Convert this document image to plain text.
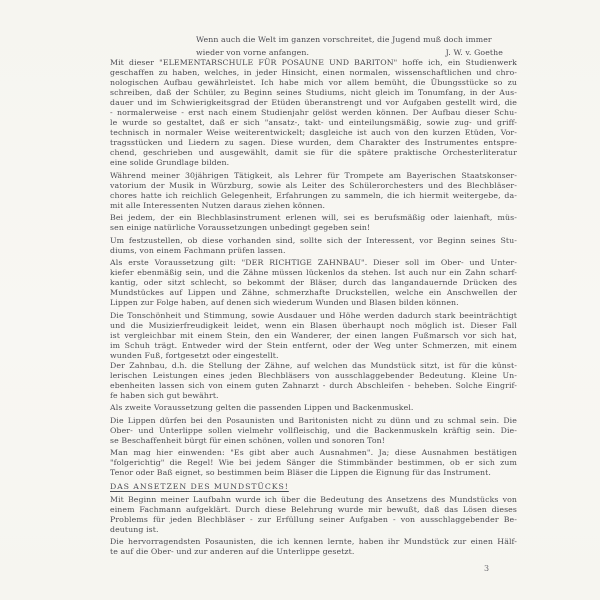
Wenn auch die Welt im ganzen vorschreitet, die Jugend muß doch immer
wieder von vorne anfangen.	J. W. v. Goethe
Mit dieser "ELEMENTARSCHULE FÜR POSAUNE UND BARITON" hoffe ich, ein Studienwerk
geschaffen zu haben, welches, in jeder Hinsicht, einen normalen, wissenschaftlichen und chro-
nologischen Aufbau gewährleistet. Ich habe mich vor allem bemüht, die Übungsstücke so zu
schreiben, daß der Schüler, zu Beginn seines Studiums, nicht gleich im Tonumfang, in der Aus-
dauer und im Schwierigkeitsgrad der Etüden überanstrengt und vor Aufgaben gestellt wird, die
- normalerweise - erst nach einem Studienjahr gelöst werden können. Der Aufbau dieser Schu-
le wurde so gestaltet, daß er sich "ansatz-, takt- und einteilungsmäßig, sowie zug- und griff-
technisch in normaler Weise weiterentwickelt; dasgleiche ist auch von den kurzen Etüden, Vor-
tragsstücken und Liedern zu sagen. Diese wurden, dem Charakter des Instrumentes entspre-
chend, geschrieben und ausgewählt, damit sie für die spätere praktische Orchesterliteratur
eine solide Grundlage bilden.
Während meiner 30jährigen Tätigkeit, als Lehrer für Trompete am Bayerischen Staatskonser-
vatorium der Musik in Würzburg, sowie als Leiter des Schülerorchesters und des Blechbläser-
chores hatte ich reichlich Gelegenheit, Erfahrungen zu sammeln, die ich hiermit weitergebe, da-
mit alle Interessenten Nutzen daraus ziehen können.
Bei jedem, der ein Blechblasinstrument erlenen will, sei es berufsmäßig oder laienhaft, müs-
sen einige natürliche Voraussetzungen unbedingt gegeben sein!
Um festzustellen, ob diese vorhanden sind, sollte sich der Interessent, vor Beginn seines Stu-
diums, von einem Fachmann prüfen lassen.
Als erste Voraussetzung gilt: "DER RICHTIGE ZAHNBAU". Dieser soll im Ober- und Unter-
kiefer ebenmäßig sein, und die Zähne müssen lückenlos da stehen. Ist auch nur ein Zahn scharf-
kantig, oder sitzt schlecht, so bekommt der Bläser, durch das langandauernde Drücken des
Mundstückes auf Lippen und Zähne, schmerzhafte Druckstellen, welche ein Anschwellen der
Lippen zur Folge haben, auf denen sich wiederum Wunden und Blasen bilden können.
Die Tonschönheit und Stimmung, sowie Ausdauer und Höhe werden dadurch stark beeinträchtigt
und die Musizierfreudigkeit leidet, wenn ein Blasen überhaupt noch möglich ist. Dieser Fall
ist vergleichbar mit einem Stein, den ein Wanderer, der einen langen Fußmarsch vor sich hat,
im Schuh trägt. Entweder wird der Stein entfernt, oder der Weg unter Schmerzen, mit einem
wunden Fuß, fortgesetzt oder eingestellt.
Der Zahnbau, d.h. die Stellung der Zähne, auf welchen das Mundstück sitzt, ist für die künst-
lerischen Leistungen eines jeden Blechbläsers von ausschlaggebender Bedeutung. Kleine Un-
ebenheiten lassen sich von einem guten Zahnarzt - durch Abschleifen - beheben. Solche Eingrif-
fe haben sich gut bewährt.
Als zweite Voraussetzung gelten die passenden Lippen und Backenmuskel.
Die Lippen dürfen bei den Posaunisten und Baritonisten nicht zu dünn und zu schmal sein. Die
Ober- und Unterlippe sollen vielmehr vollfleischig, und die Backenmuskeln kräftig sein. Die-
se Beschaffenheit bürgt für einen schönen, vollen und sonoren Ton!
Man mag hier einwenden: "Es gibt aber auch Ausnahmen". Ja; diese Ausnahmen bestätigen
"folgerichtig" die Regel! Wie bei jedem Sänger die Stimmbänder bestimmen, ob er sich zum
Tenor oder Baß eignet, so bestimmen beim Bläser die Lippen die Eignung für das Instrument.
DAS ANSETZEN DES MUNDSTÜCKS!
Mit Beginn meiner Laufbahn wurde ich über die Bedeutung des Ansetzens des Mundstücks von
einem Fachmann aufgeklärt. Durch diese Belehrung wurde mir bewußt, daß das Lösen dieses
Problems für jeden Blechbläser - zur Erfüllung seiner Aufgaben - von ausschlaggebender Be-
deutung ist.
Die hervorragendsten Posaunisten, die ich kennen lernte, haben ihr Mundstück zur einen Hälf-
te auf die Ober- und zur anderen auf die Unterlippe gesetzt.
3
